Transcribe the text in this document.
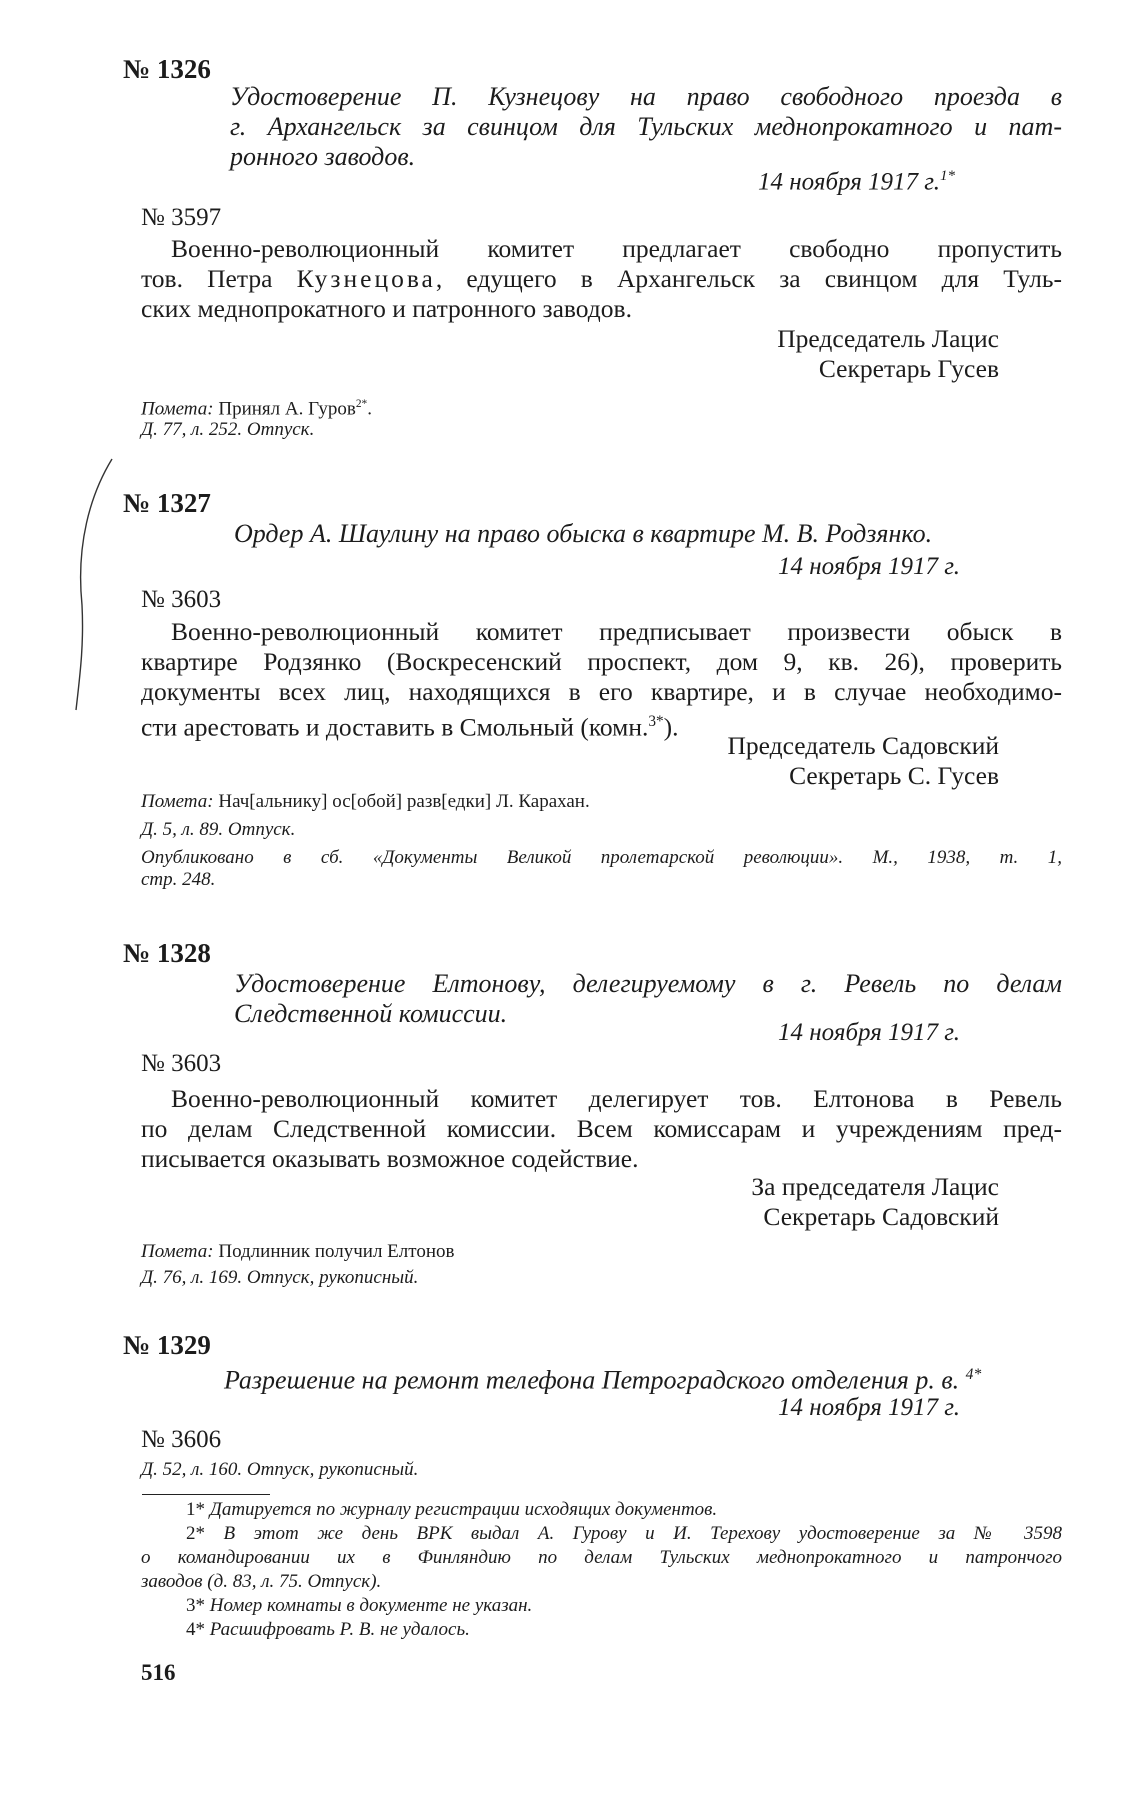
№ 1326
Удостоверение П. Кузнецову на право свободного проезда в
г. Архангельск за свинцом для Тульских меднопрокатного и пат-
ронного заводов.
14 ноября 1917 г.$^{1*}$
№ 3597
Военно-революционный комитет предлагает свободно пропустить
тов. Петра Кузнецова, едущего в Архангельск за свинцом для Туль-
ских меднопрокатного и патронного заводов.
Председатель Лацис
Секретарь Гусев
Помета: Принял А. Гуров$^{2*}$.
Д. 77, л. 252. Отпуск.
№ 1327
Ордер А. Шаулину на право обыска в квартире М. В. Родзянко.
14 ноября 1917 г.
№ 3603
Военно-революционный комитет предписывает произвести обыск в
квартире Родзянко (Воскресенский проспект, дом 9, кв. 26), проверить
документы всех лиц, находящихся в его квартире, и в случае необходимо-
сти арестовать и доставить в Смольный (комн.$^{3*}$).
Председатель Садовский
Секретарь С. Гусев
Помета: Нач[альнику] ос[обой] разв[едки] Л. Карахан.
Д. 5, л. 89. Отпуск.
Опубликовано в сб. «Документы Великой пролетарской революции». М., 1938, т. 1,
стр. 248.
№ 1328
Удостоверение Елтонову, делегируемому в г. Ревель по делам
Следственной комиссии.
14 ноября 1917 г.
№ 3603
Военно-революционный комитет делегирует тов. Елтонова в Ревель
по делам Следственной комиссии. Всем комиссарам и учреждениям пред-
писывается оказывать возможное содействие.
За председателя Лацис
Секретарь Садовский
Помета: Подлинник получил Елтонов
Д. 76, л. 169. Отпуск, рукописный.
№ 1329
Разрешение на ремонт телефона Петроградского отделения р. в. $^{4*}$
14 ноября 1917 г.
№ 3606
Д. 52, л. 160. Отпуск, рукописный.
1* Датируется по журналу регистрации исходящих документов.
2* В этот же день ВРК выдал А. Гурову и И. Терехову удостоверение за № 3598
о командировании их в Финляндию по делам Тульских меднопрокатного и патрончого
заводов (д. 83, л. 75. Отпуск).
3* Номер комнаты в документе не указан.
4* Расшифровать Р. В. не удалось.
516
